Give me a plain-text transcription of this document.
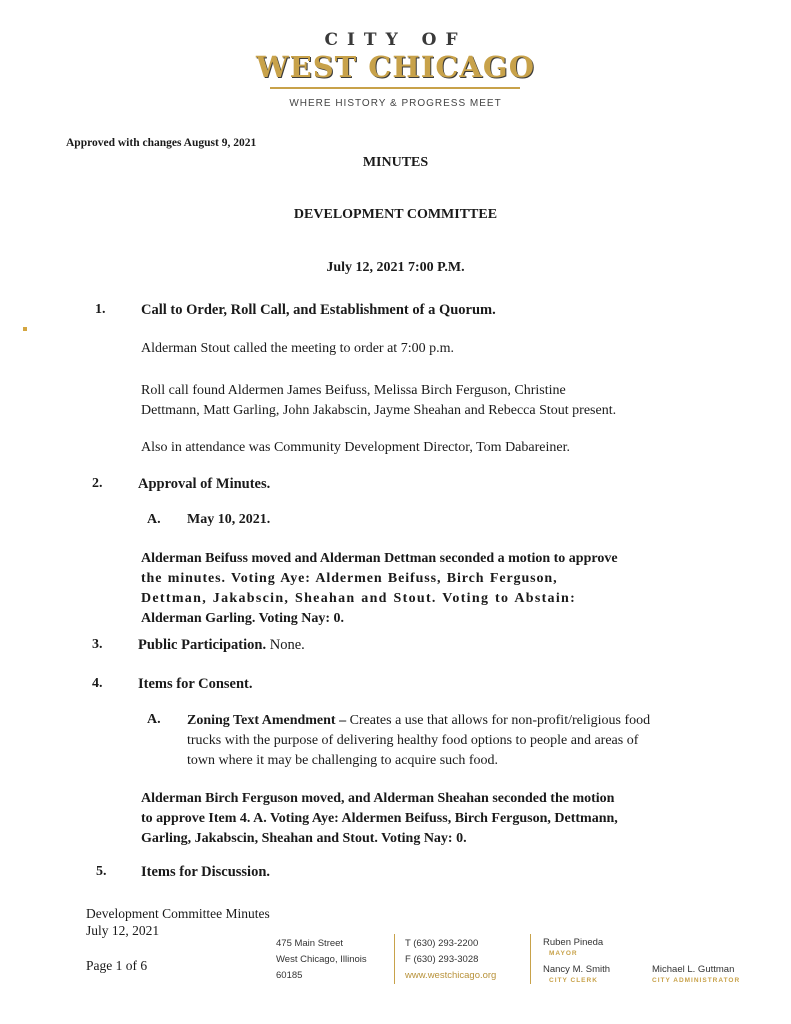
CITY OF
WEST CHICAGO
WHERE HISTORY & PROGRESS MEET
Approved with changes August 9, 2021
MINUTES
DEVELOPMENT COMMITTEE
July 12, 2021 7:00 P.M.
1. Call to Order, Roll Call, and Establishment of a Quorum.
Alderman Stout called the meeting to order at 7:00 p.m.
Roll call found Aldermen James Beifuss, Melissa Birch Ferguson, Christine
Dettmann, Matt Garling, John Jakabscin, Jayme Sheahan and Rebecca Stout present.
Also in attendance was Community Development Director, Tom Dabareiner.
2. Approval of Minutes.
A. May 10, 2021.
Alderman Beifuss moved and Alderman Dettman seconded a motion to approve
the minutes. Voting Aye: Aldermen Beifuss, Birch Ferguson,
Dettman, Jakabscin, Sheahan and Stout. Voting to Abstain:
Alderman Garling. Voting Nay: 0.
3. Public Participation. None.
4. Items for Consent.
A. Zoning Text Amendment – Creates a use that allows for non-profit/religious food
trucks with the purpose of delivering healthy food options to people and areas of
town where it may be challenging to acquire such food.
Alderman Birch Ferguson moved, and Alderman Sheahan seconded the motion
to approve Item 4. A. Voting Aye: Aldermen Beifuss, Birch Ferguson, Dettmann,
Garling, Jakabscin, Sheahan and Stout. Voting Nay: 0.
5. Items for Discussion.
Development Committee Minutes
July 12, 2021
Page 1 of 6
475 Main Street
West Chicago, Illinois
60185
T (630) 293-2200
F (630) 293-3028
www.westchicago.org
Ruben Pineda
MAYOR
Nancy M. Smith
CITY CLERK
Michael L. Guttman
CITY ADMINISTRATOR
